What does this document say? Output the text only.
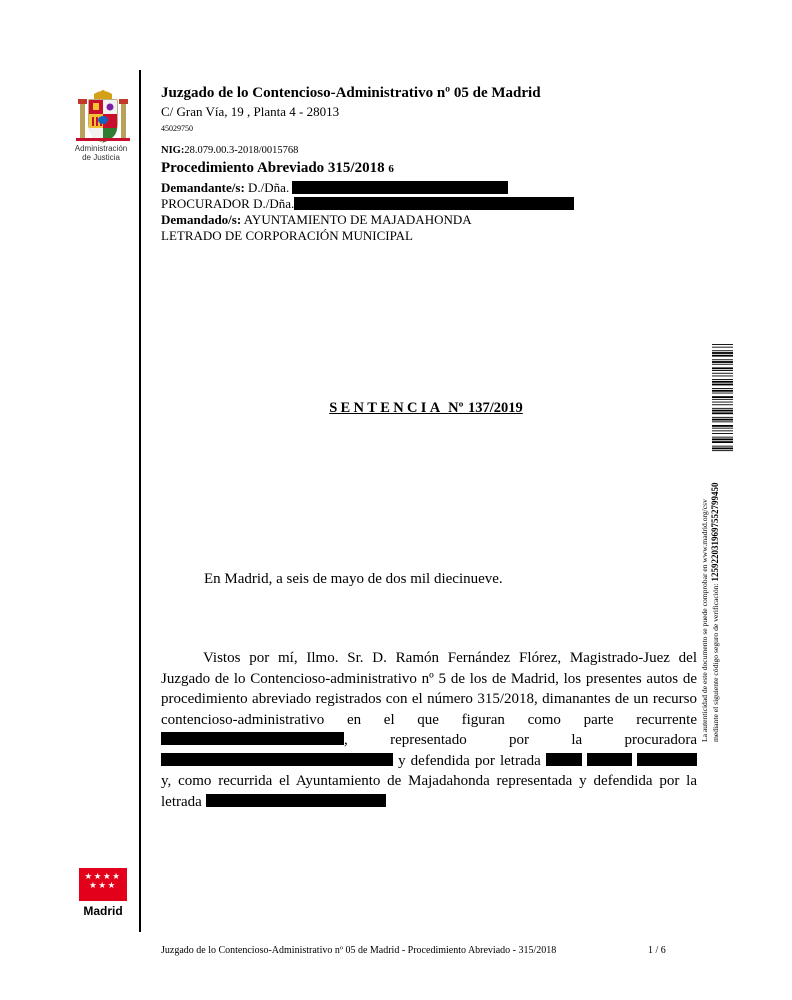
Administración
de Justicia
★★★★
★★★
Madrid
Juzgado de lo Contencioso-Administrativo nº 05 de Madrid
C/ Gran Vía, 19 , Planta 4 - 28013
45029750
NIG:28.079.00.3-2018/0015768
Procedimiento Abreviado 315/2018 6
Demandante/s: D./Dña.
PROCURADOR D./Dña.
Demandado/s: AYUNTAMIENTO DE MAJADAHONDA
LETRADO DE CORPORACIÓN MUNICIPAL
La autenticidad de este documento se puede comprobar en www.madrid.org/csv mediante el siguiente código seguro de verificación: 1259220319697552799450
SENTENCIA Nº 137/2019
En Madrid, a seis de mayo de dos mil diecinueve.
Vistos por mí, Ilmo. Sr. D. Ramón Fernández Flórez, Magistrado-Juez del Juzgado de lo Contencioso-administrativo nº 5 de los de Madrid, los presentes autos de procedimiento abreviado registrados con el número 315/2018, dimanantes de un recurso contencioso-administrativo en el que figuran como parte recurrente , representado por la procuradora  y defendida por letrada    y, como recurrida el Ayuntamiento de Majadahonda representada y defendida por la letrada
Juzgado de lo Contencioso-Administrativo nº 05 de Madrid - Procedimiento Abreviado - 315/2018	1 / 6
